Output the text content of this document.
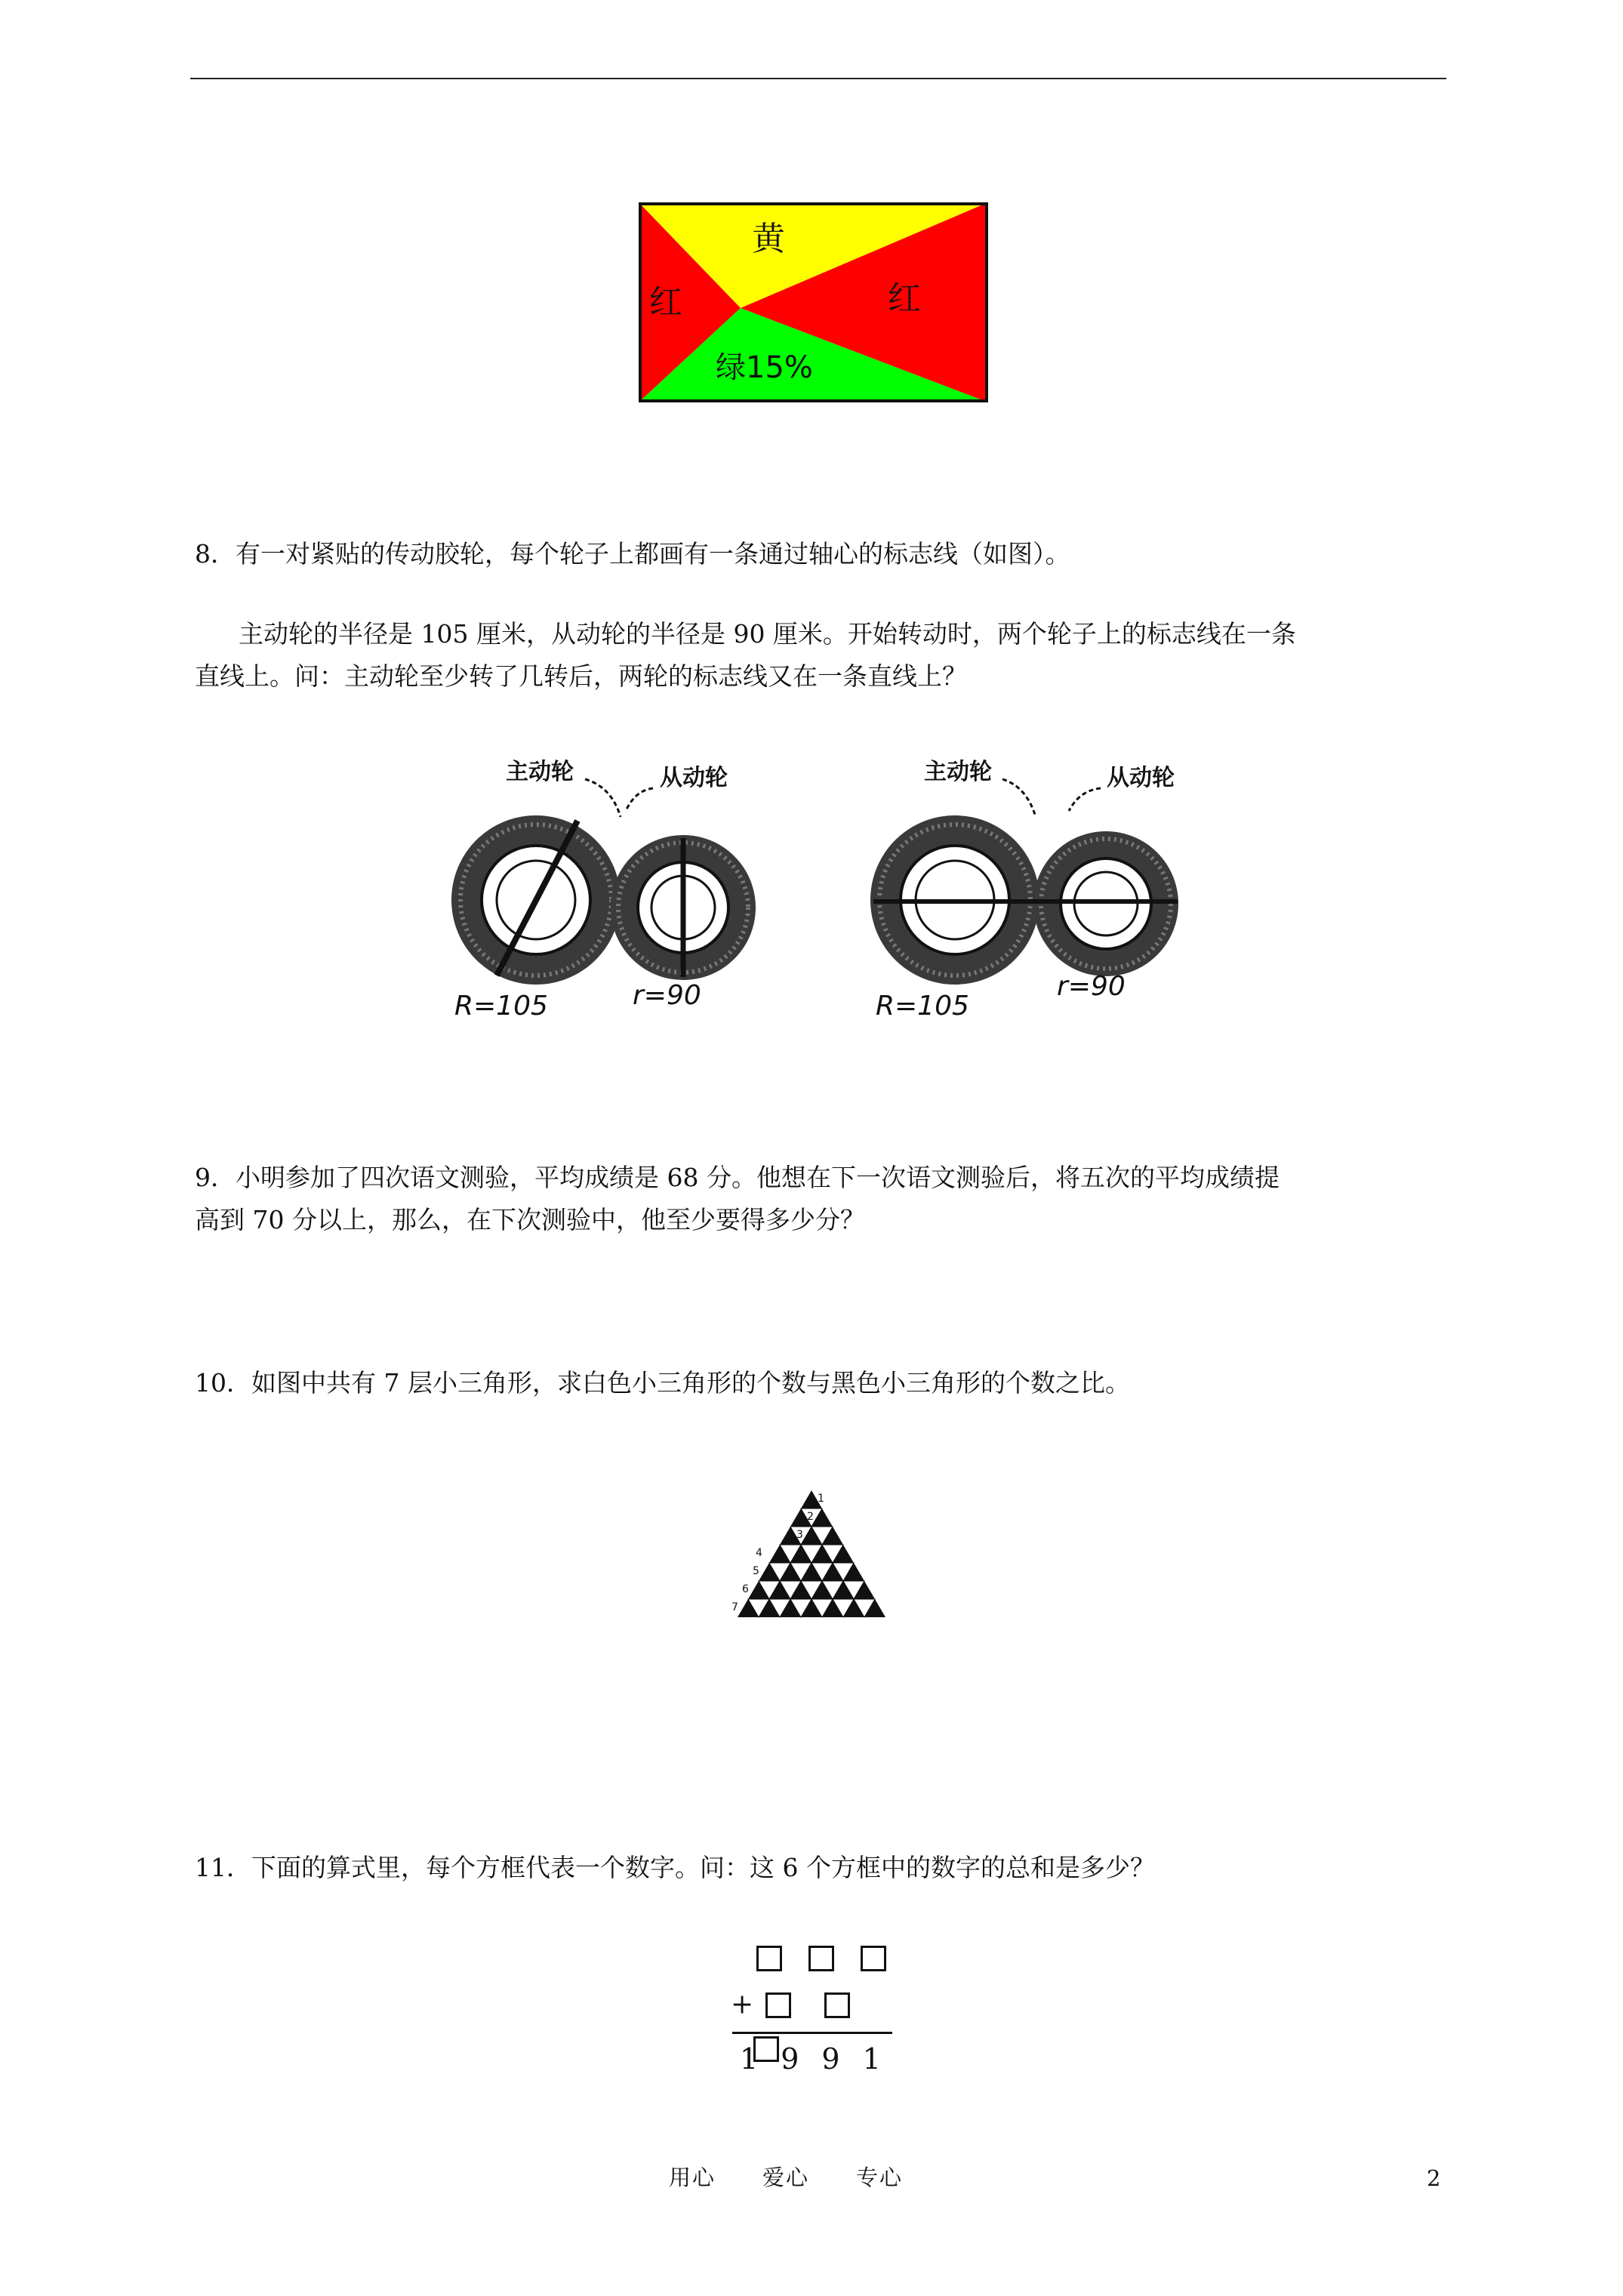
黄
红	红
绿15%
8．有一对紧贴的传动胶轮，每个轮子上都画有一条通过轴心的标志线（如图）。
主动轮的半径是 105 厘米，从动轮的半径是 90 厘米。开始转动时，两个轮子上的标志线在一条
直线上。问：主动轮至少转了几转后，两轮的标志线又在一条直线上？
主动轮	从动轮
R=105	r=90
主动轮	从动轮
R=105
r=90
9．小明参加了四次语文测验，平均成绩是 68 分。他想在下一次语文测验后，将五次的平均成绩提
高到 70 分以上，那么，在下次测验中，他至少要得多少分？
10．如图中共有 7 层小三角形，求白色小三角形的个数与黑色小三角形的个数之比。
1
2
3
4
5
6
7
11．下面的算式里，每个方框代表一个数字。问：这 6 个方框中的数字的总和是多少？

+
1 9 9 1
用心　　爱心　　专心	2
